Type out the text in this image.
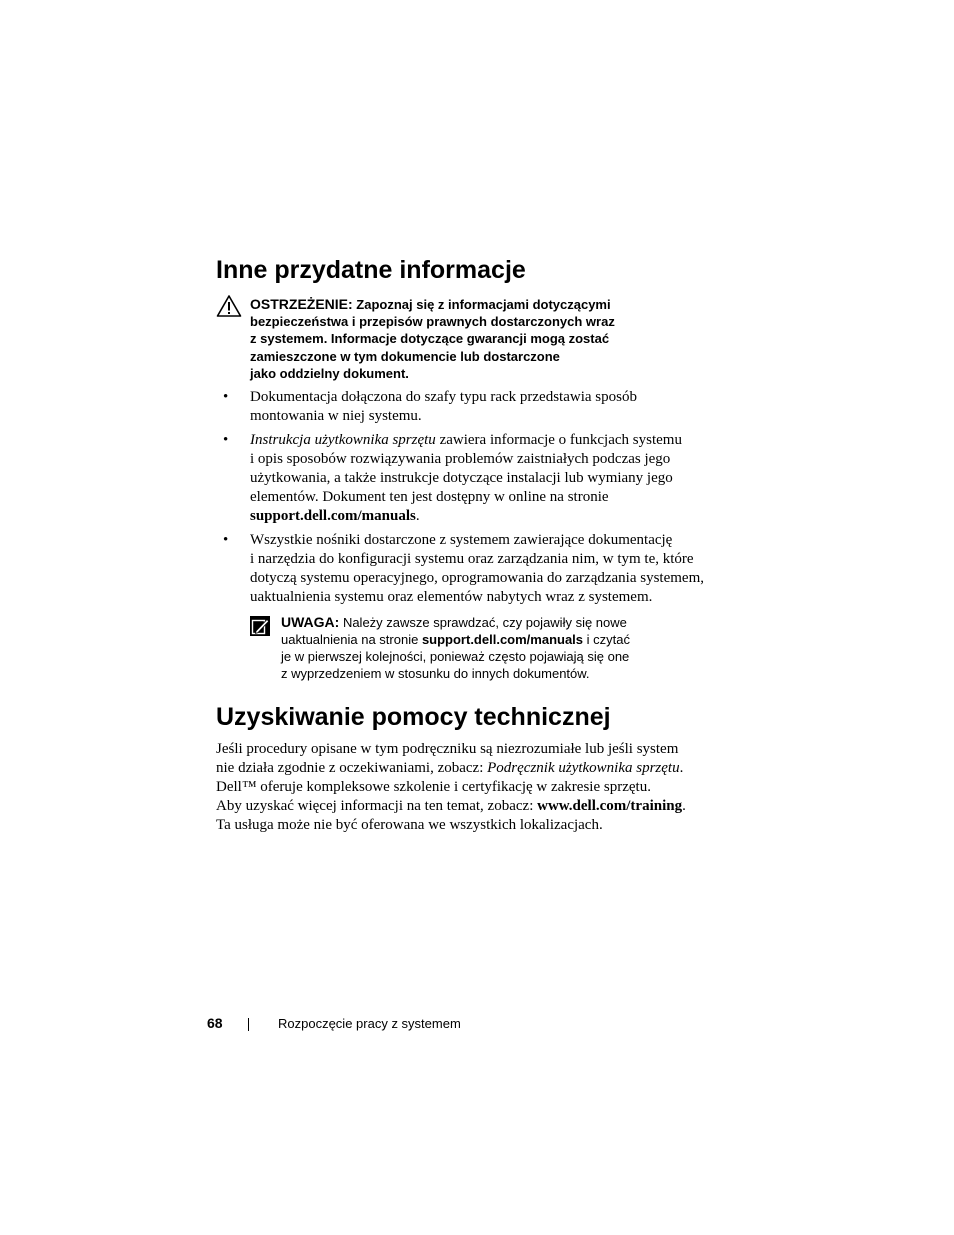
Inne przydatne informacje
OSTRZEŻENIE: Zapoznaj się z informacjami dotyczącymi
bezpieczeństwa i przepisów prawnych dostarczonych wraz
z systemem. Informacje dotyczące gwarancji mogą zostać
zamieszczone w tym dokumencie lub dostarczone
jako oddzielny dokument.
• Dokumentacja dołączona do szafy typu rack przedstawia sposób

montowania w niej systemu.

• Instrukcja użytkownika sprzętu zawiera informacje o funkcjach systemu

i opis sposobów rozwiązywania problemów zaistniałych podczas jego

użytkowania, a także instrukcje dotyczące instalacji lub wymiany jego

elementów. Dokument ten jest dostępny w online na stronie

support.dell.com/manuals.

• Wszystkie nośniki dostarczone z systemem zawierające dokumentację

i narzędzia do konfiguracji systemu oraz zarządzania nim, w tym te, które

dotyczą systemu operacyjnego, oprogramowania do zarządzania systemem,

uaktualnienia systemu oraz elementów nabytych wraz z systemem.

UWAGA: Należy zawsze sprawdzać, czy pojawiły się nowe
uaktualnienia na stronie support.dell.com/manuals i czytać
je w pierwszej kolejności, ponieważ często pojawiają się one
z wyprzedzeniem w stosunku do innych dokumentów.
Uzyskiwanie pomocy technicznej

Jeśli procedury opisane w tym podręczniku są niezrozumiałe lub jeśli system

nie działa zgodnie z oczekiwaniami, zobacz: Podręcznik użytkownika sprzętu.

Dell™ oferuje kompleksowe szkolenie i certyfikację w zakresie sprzętu.

Aby uzyskać więcej informacji na ten temat, zobacz: www.dell.com/training.

Ta usługa może nie być oferowana we wszystkich lokalizacjach.

68	Rozpoczęcie pracy z systemem
